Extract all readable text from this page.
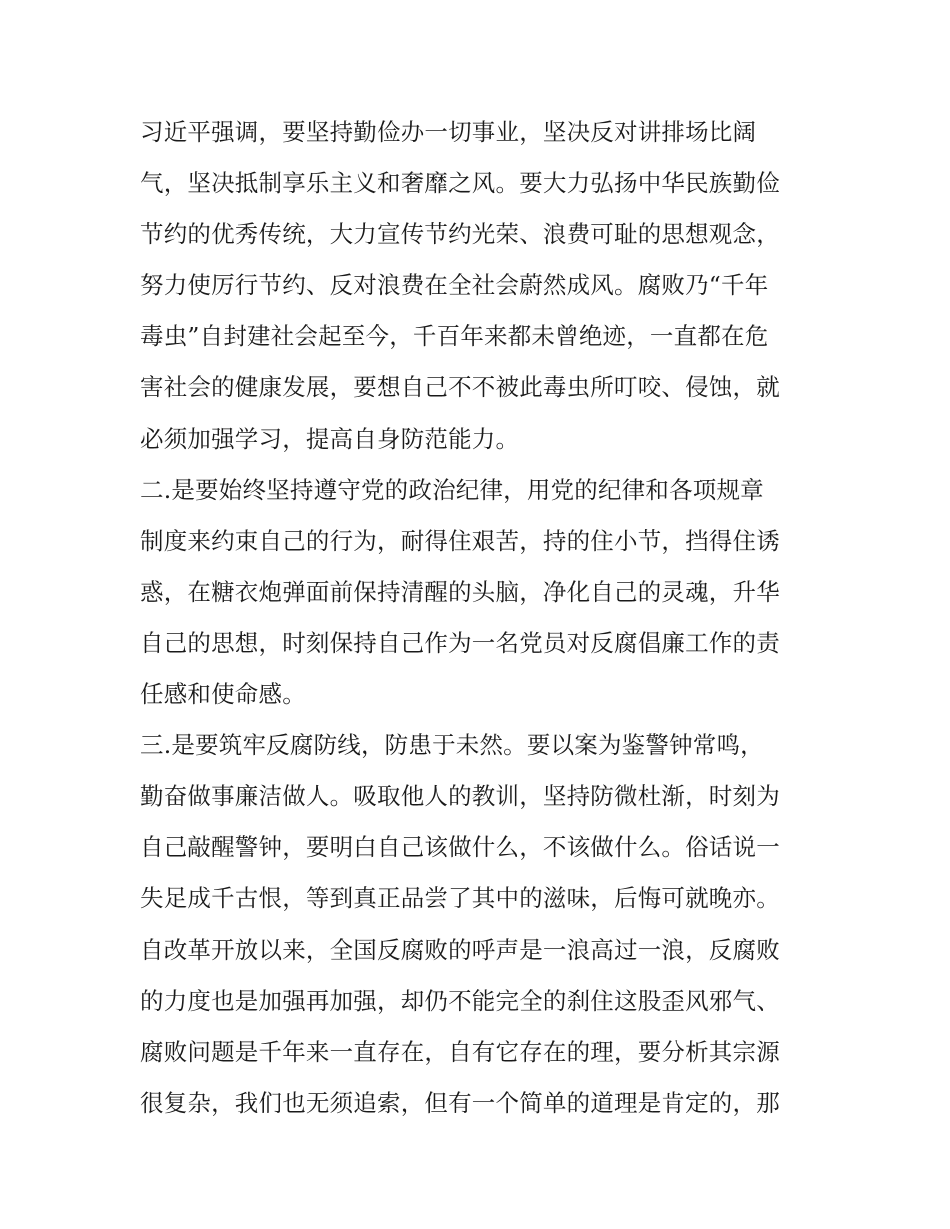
习近平强调，要坚持勤俭办一切事业，坚决反对讲排场比阔
气，坚决抵制享乐主义和奢靡之风。要大力弘扬中华民族勤俭
节约的优秀传统，大力宣传节约光荣、浪费可耻的思想观念，
努力使厉行节约、反对浪费在全社会蔚然成风。腐败乃“千年
毒虫”自封建社会起至今，千百年来都未曾绝迹，一直都在危
害社会的健康发展，要想自己不不被此毒虫所叮咬、侵蚀，就
必须加强学习，提高自身防范能力。
二.是要始终坚持遵守党的政治纪律，用党的纪律和各项规章
制度来约束自己的行为，耐得住艰苦，持的住小节，挡得住诱
惑，在糖衣炮弹面前保持清醒的头脑，净化自己的灵魂，升华
自己的思想，时刻保持自己作为一名党员对反腐倡廉工作的责
任感和使命感。
三.是要筑牢反腐防线，防患于未然。要以案为鉴警钟常鸣，
勤奋做事廉洁做人。吸取他人的教训，坚持防微杜渐，时刻为
自己敲醒警钟，要明白自己该做什么，不该做什么。俗话说一
失足成千古恨，等到真正品尝了其中的滋味，后悔可就晚亦。
自改革开放以来，全国反腐败的呼声是一浪高过一浪，反腐败
的力度也是加强再加强，却仍不能完全的刹住这股歪风邪气、
腐败问题是千年来一直存在，自有它存在的理，要分析其宗源
很复杂，我们也无须追索，但有一个简单的道理是肯定的，那
